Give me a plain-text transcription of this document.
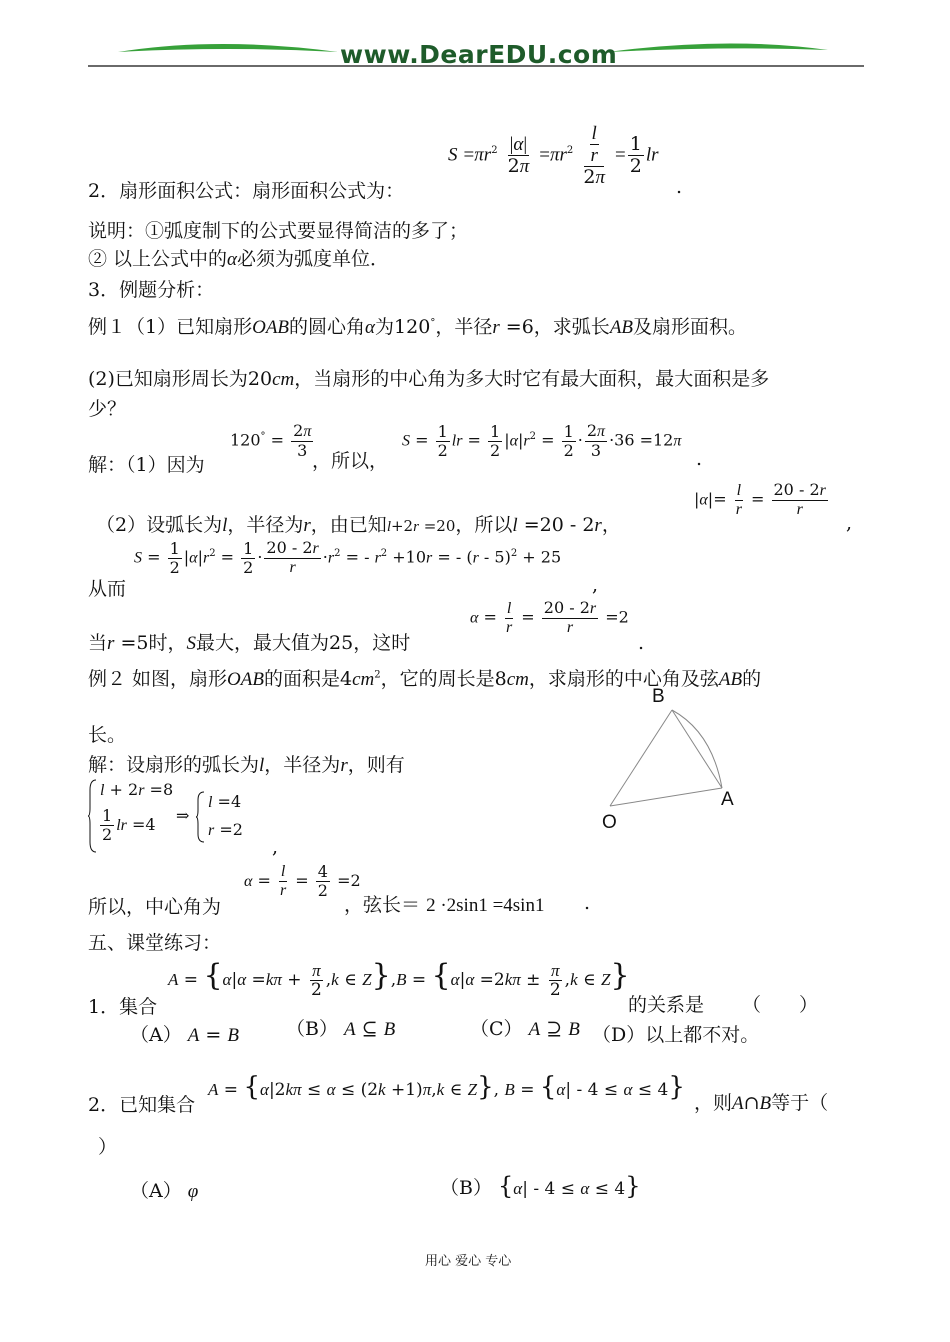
www.DearEDU.com
2．扇形面积公式：扇形面积公式为：
$S =\pi r^2 \frac{|\alpha|}{2\pi} =\pi r^2 \frac{\frac{l}{r}}{2\pi} = \frac{1}{2}$ lr
.
说明：①弧度制下的公式要显得简洁的多了；
② 以上公式中的α必须为弧度单位．
3．例题分析：
例１（1）已知扇形OAB的圆心角α为120°，半径r =6，求弧长AB及扇形面积。
(2)已知扇形周长为20cm，当扇形的中心角为多大时它有最大面积，最大面积是多
少？
解：（1）因为
$120^\circ = \frac{2\pi}{3}$
，所以，
$S = \frac{1}{2}$ lr = $\frac{1}{2} |\alpha|r^2 = \frac{1}{2} \cdot \frac{2\pi}{3} \cdot 36 =12\pi$
.
（2）设弧长为l，半径为r，由已知l+2r =20，所以l =20 - 2r，
$|\alpha|= \frac{l}{r} = \frac{20 - 2r}{r}$
,
从而
$S = \frac{1}{2} |\alpha|r^2 = \frac{1}{2} \cdot \frac{20 - 2r}{r} \cdot r^2$ = - $r^2 +10r$ = - (r - 5)$^2$ + 25
,
当r =5时，S最大，最大值为25，这时
$\alpha = \frac{l}{r} = \frac{20 - 2r}{r} =2$
.
例２ 如图，扇形OAB的面积是$4cm^2$，它的周长是8cm，求扇形的中心角及弦AB的
长。
B
A
O
解：设扇形的弧长为l，半径为r，则有
l + 2r =8
$\frac{1}{2}$ lr =4 ⇒
l =4
r =2
,
所以，中心角为
$\alpha = \frac{l}{r} = \frac{4}{2} =2$
，弦长＝ 2 ·2sin1 =4sin1 .
五、课堂练习：
1．集合
$A = \{\alpha|\alpha =k\pi + \frac{\pi}{2} ,k$ ∈ $Z\},B = \{\alpha|\alpha =2k\pi \pm \frac{\pi}{2} ,k$ ∈ Z}
的关系是 （　　）
（A） A = B （B） A ⊆ B	（C） A ⊇ B （D）以上都不对。
2．已知集合
A = {α|2kπ ≤ α ≤ (2k +1)π,k ∈ Z}, B = {α| - 4 ≤ α ≤ 4}
，则A∩B等于（
）
（A） φ	（B） {α| - 4 ≤ α ≤ 4}
用心 爱心 专心
